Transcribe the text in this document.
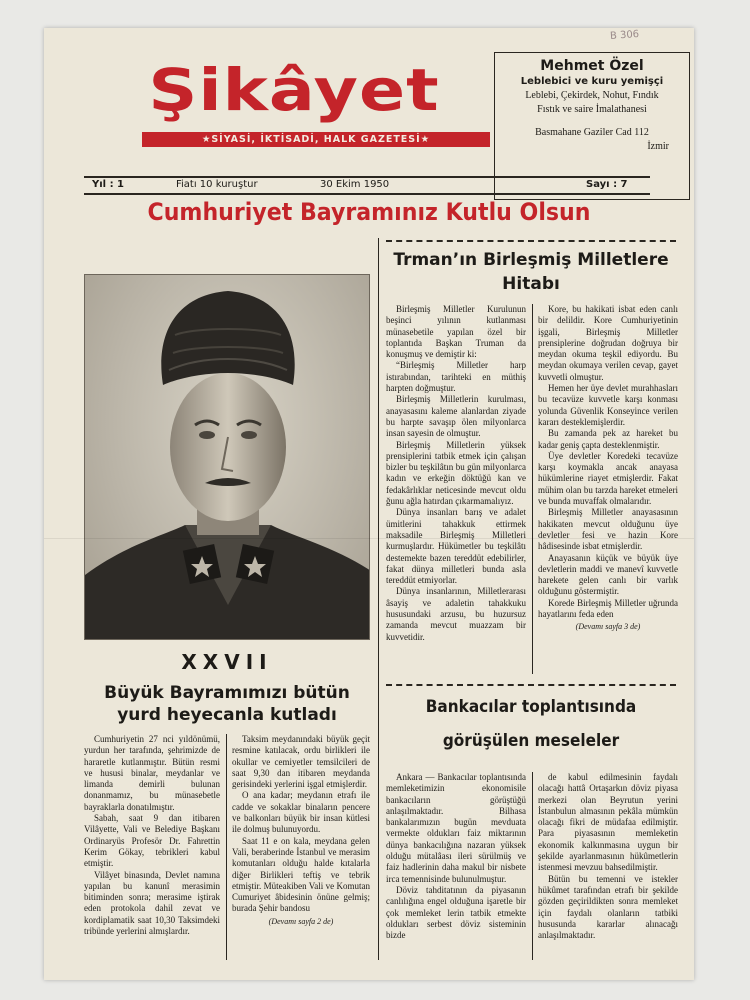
B 306
Şikâyet
★SİYASİ, İKTİSADİ, HALK GAZETESİ★
Mehmet Özel
Leblebici ve kuru yemişçi
Leblebi, Çekirdek, Nohut, Fındık
Fıstık ve saire İmalathanesi
Basmahane Gaziler Cad 112
İzmir
Yıl : 1	Fiatı 10 kuruştur	30 Ekim 1950	Sayı : 7
Cumhuriyet Bayramınız Kutlu Olsun
XXVII
Büyük Bayramımızı bütün yurd heyecanla kutladı

Cumhuriyetin 27 nci yıldönümü, yurdun her tarafında, şehrimizde de hararetle kutlanmıştır. Bütün resmi ve hususi binalar, meydanlar ve limanda demirli bulunan donanmamız, bu münasebetle bayraklarla donatılmıştır.

Sabah, saat 9 dan itibaren Vilâyette, Vali ve Belediye Başkanı Ordinaryüs Profesör Dr. Fahrettin Kerim Gökay, tebrikleri kabul etmiştir.

Vilâyet binasında, Devlet namına yapılan bu kanunî merasimin bitiminden sonra; merasime iştirak eden protokola dahil zevat ve kordiplamatik saat 10,30 Taksimdeki tribünde yerlerini almışlardır.

Taksim meydanındaki büyük geçit resmine katılacak, ordu birlikleri ile okullar ve cemiyetler temsilcileri de saat 9,30 dan itibaren meydanda gerisindeki yerlerini işgal etmişlerdir.

O ana kadar; meydanın etrafı ile cadde ve sokaklar binaların pencere ve balkonları büyük bir insan kütlesi ile dolmuş bulunuyordu.

Saat 11 e on kala, meydana gelen Vali, beraberinde İstanbul ve merasim komutanları olduğu halde kıtalarla diğer Birlikleri teftiş ve tebrik etmiştir. Müteakiben Vali ve Komutan Cumuriyet âbidesinin önüne gelmiş; burada Şehir bandosu

(Devamı sayfa 2 de)

Trman’ın Birleşmiş Milletlere Hitabı

Birleşmiş Milletler Kurulunun beşinci yılının kutlanması münasebetile yapılan özel bir toplantıda Başkan Truman da konuşmuş ve demiştir ki:

“Birleşmiş Milletler harp istırabından, tarihteki en müthiş harpten doğmuştur.

Birleşmiş Milletlerin kurulması, anayasasını kaleme alanlardan ziyade bu harpte savaşıp ölen milyonlarca insan sayesin de olmuştur.

Birleşmiş Milletlerin yüksek prensiplerini tatbik etmek için çalışan bizler bu teşkilâtın bu gün milyonlarca kadın ve erkeğin döktüğü kan ve fedakârlıklar neticesinde mevcut oldu ğunu ağla hatırdan çıkarmamalıyız.

Dünya insanları barış ve adalet ümitlerini tahakkuk ettirmek maksadile Birleşmiş Milletleri kurmuşlardır. Hükümetler bu teşkilâtı destemekte bazen tereddüt edebilirler, fakat dünya milletleri bunda asla tereddüt etmiyorlar.

Dünya insanlarının, Milletlerarası âsayiş ve adaletin tahakkuku hususundaki arzusu, bu huzursuz zamanda mevcut muazzam bir kuvvetidir.

Kore, bu hakikati isbat eden canlı bir delildir. Kore Cumhuriyetinin işgali, Birleşmiş Milletler prensiplerine doğrudan doğruya bir meydan okuma teşkil ediyordu. Bu meydan okumaya verilen cevap, gayet kuvvetli olmuştur.

Hemen her üye devlet murahhasları bu tecavüze kuvvetle karşı konması yolunda Güvenlik Konseyince verilen kararı desteklemişlerdir.

Bu zamanda pek az hareket bu kadar geniş çapta desteklenmiştir.

Üye devletler Koredeki tecavüze karşı koymakla ancak anayasa hükümlerine riayet etmişlerdir. Fakat mühim olan bu tarzda hareket etmeleri ve bunda muvaffak olmalarıdır.

Birleşmiş Milletler anayasasının hakikaten mevcut olduğunu üye devletler fesi ve hazin Kore hâdisesinde isbat etmişlerdir.

Anayasanın küçük ve büyük üye devletlerin maddi ve manevî kuvvetle harekete gelen canlı bir varlık olduğunu göstermiştir.

Korede Birleşmiş Milletler uğrunda hayatlarını feda eden

(Devamı sayfa 3 de)

Bankacılar toplantısında görüşülen meseleler

Ankara — Bankacılar toplantısında memleketimizin ekonomisile bankacıların görüştüğü anlaşılmaktadır. Bilhasa bankalarımızın bugün mevduata vermekte oldukları faiz miktarının dünya bankacılığına nazaran yüksek olduğu mütalâası ileri sürülmüş ve faiz hadlerinin daha makul bir nisbete irca temennisinde bulunulmuştur.

Döviz tahditatının da piyasanın canlılığına engel olduğuna işaretle bir çok memleket lerin tatbik etmekte oldukları serbest döviz sisteminin bizde

de kabul edilmesinin faydalı olacağı hattâ Ortaşarkın döviz piyasa merkezi olan Beyrutun yerini İstanbulun almasının pekâla mümkün olacağı fikri de müdafaa edilmiştir. Para piyasasının memleketin ekonomik kalkınmasına uygun bir şekilde ayarlanmasının hükûmetlerin istenmesi mevzuu bahsedilmiştir.

Bütün bu temenni ve istekler hükûmet tarafından etrafı bir şekilde gözden geçirildikten sonra memleket için faydalı olanların tatbiki hususunda kararlar alınacağı anlaşılmaktadır.
